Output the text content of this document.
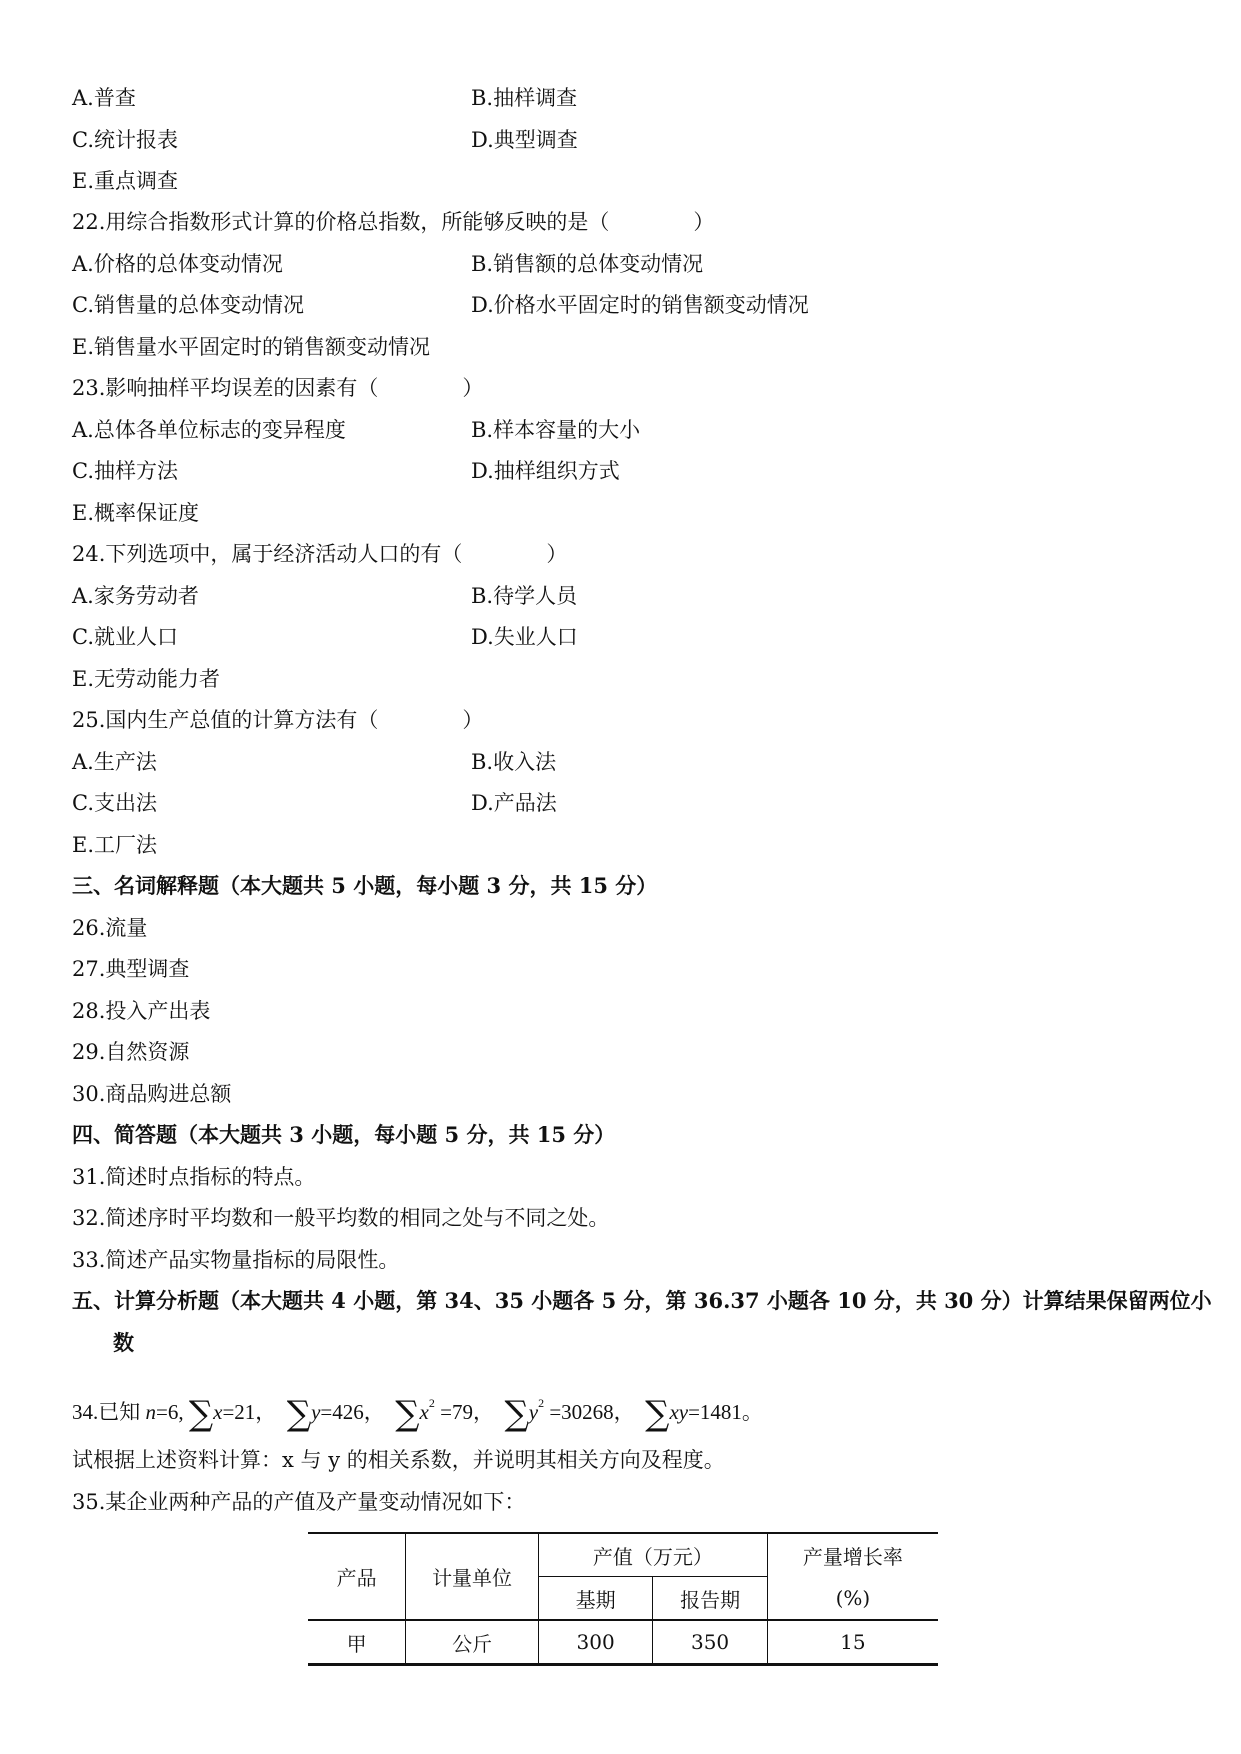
A.普查	B.抽样调查
C.统计报表	D.典型调查
E.重点调查
22.用综合指数形式计算的价格总指数，所能够反映的是（　　　　）
A.价格的总体变动情况	B.销售额的总体变动情况
C.销售量的总体变动情况	D.价格水平固定时的销售额变动情况
E.销售量水平固定时的销售额变动情况
23.影响抽样平均误差的因素有（　　　　）
A.总体各单位标志的变异程度	B.样本容量的大小
C.抽样方法	D.抽样组织方式
E.概率保证度
24.下列选项中，属于经济活动人口的有（　　　　）
A.家务劳动者	B.待学人员
C.就业人口	D.失业人口
E.无劳动能力者
25.国内生产总值的计算方法有（　　　　）
A.生产法	B.收入法
C.支出法	D.产品法
E.工厂法
三、名词解释题（本大题共 5 小题，每小题 3 分，共 15 分）
26.流量
27.典型调查
28.投入产出表
29.自然资源
30.商品购进总额
四、简答题（本大题共 3 小题，每小题 5 分，共 15 分）
31.简述时点指标的特点。
32.简述序时平均数和一般平均数的相同之处与不同之处。
33.简述产品实物量指标的局限性。
五、计算分析题（本大题共 4 小题，第 34、35 小题各 5 分，第 36.37 小题各 10 分，共 30 分）计算结果保留两位小
数
34.已知 n=6, ∑x=21， ∑y=426， $\sum x^2 =79$， $\sum y^2 =30268$， ∑xy=1481。
试根据上述资料计算：x 与 y 的相关系数，并说明其相关方向及程度。
35.某企业两种产品的产值及产量变动情况如下：
产品	计量单位	产值（万元）		产量增长率
		基期	报告期	(%)
甲	公斤	300	350	15
